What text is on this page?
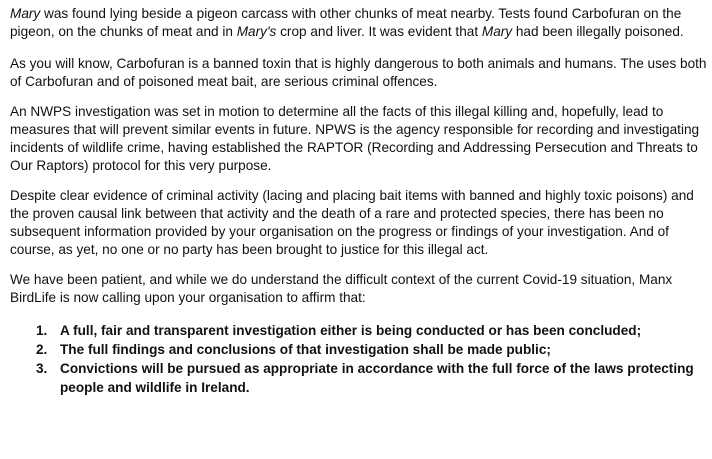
Mary was found lying beside a pigeon carcass with other chunks of meat nearby. Tests found Carbofuran on the pigeon, on the chunks of meat and in Mary's crop and liver. It was evident that Mary had been illegally poisoned.

As you will know, Carbofuran is a banned toxin that is highly dangerous to both animals and humans. The uses both of Carbofuran and of poisoned meat bait, are serious criminal offences.

An NWPS investigation was set in motion to determine all the facts of this illegal killing and, hopefully, lead to measures that will prevent similar events in future. NPWS is the agency responsible for recording and investigating incidents of wildlife crime, having established the RAPTOR (Recording and Addressing Persecution and Threats to Our Raptors) protocol for this very purpose.

Despite clear evidence of criminal activity (lacing and placing bait items with banned and highly toxic poisons) and the proven causal link between that activity and the death of a rare and protected species, there has been no subsequent information provided by your organisation on the progress or findings of your investigation. And of course, as yet, no one or no party has been brought to justice for this illegal act.

We have been patient, and while we do understand the difficult context of the current Covid-19 situation, Manx BirdLife is now calling upon your organisation to affirm that:

1. A full, fair and transparent investigation either is being conducted or has been concluded;
2. The full findings and conclusions of that investigation shall be made public;
3. Convictions will be pursued as appropriate in accordance with the full force of the laws protecting people and wildlife in Ireland.
